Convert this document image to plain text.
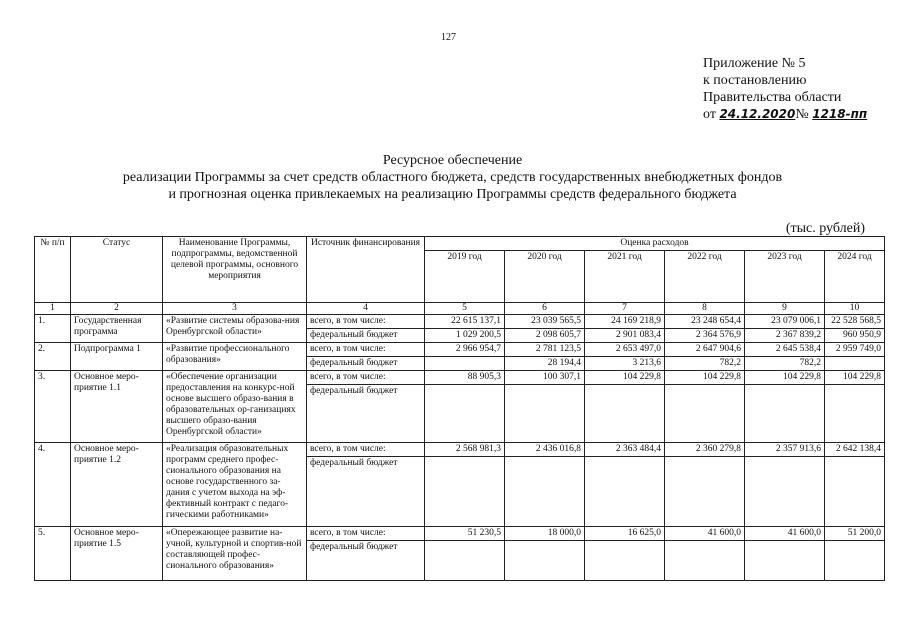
127
Приложение № 5
к постановлению
Правительства области
от 24.12.2020№ 1218-пп
Ресурсное обеспечение
реализации Программы за счет средств областного бюджета, средств государственных внебюджетных фондов
и прогнозная оценка привлекаемых на реализацию Программы средств федерального бюджета
(тыс. рублей)
№ п/п	Статус	Наименование Программы, подпрограммы, ведомственной целевой программы, основного мероприятия	Источник финансирования	Оценка расходов					
				2019 год	2020 год	2021 год	2022 год	2023 год	2024 год
1	2	3	4	5	6	7	8	9	10
1.	Государственная программа	«Развитие системы образова-ния Оренбургской области»	всего, в том числе:	22 615 137,1	23 039 565,5	24 169 218,9	23 248 654,4	23 079 006,1	22 528 568,5
			федеральный бюджет	1 029 200,5	2 098 605,7	2 901 083,4	2 364 576,9	2 367 839,2	960 950,9
2.	Подпрограмма 1	«Развитие профессионального образования»	всего, в том числе:	2 966 954,7	2 781 123,5	2 653 497,0	2 647 904,6	2 645 538,4	2 959 749,0
			федеральный бюджет		28 194,4	3 213,6	782,2	782,2	
3.	Основное меро-приятие 1.1	«Обеспечение организации предоставления на конкурс-ной основе высшего образо-вания в образовательных ор-ганизациях высшего образо-вания Оренбургской области»	всего, в том числе:	88 905,3	100 307,1	104 229,8	104 229,8	104 229,8	104 229,8
			федеральный бюджет						

4.	Основное меро-приятие 1.2	«Реализация образовательных программ среднего профес-сионального образования на основе государственного за-дания с учетом выхода на эф-фективный контракт с педаго-гическими работниками»	всего, в том числе:	2 568 981,3	2 436 016,8	2 363 484,4	2 360 279,8	2 357 913,6	2 642 138,4
			федеральный бюджет						

5.	Основное меро-приятие 1.5	«Опережающее развитие на-учной, культурной и спортив-ной составляющей профес-сионального образования»	всего, в том числе:	51 230,5	18 000,0	16 625,0	41 600,0	41 600,0	51 200,0
			федеральный бюджет						
